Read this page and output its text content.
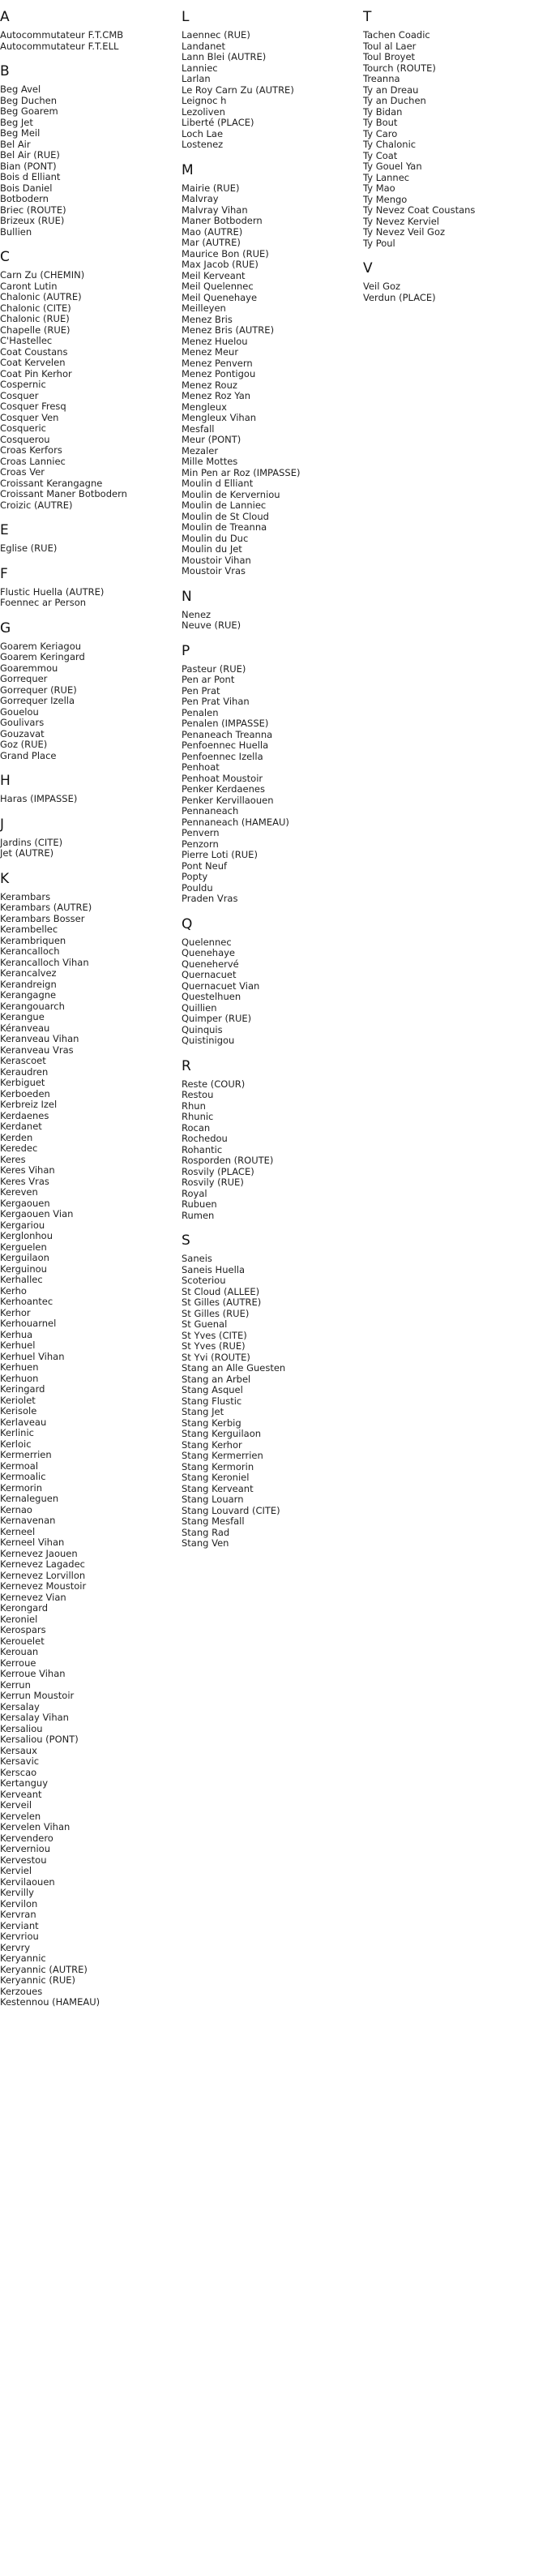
A
Autocommutateur F.T.CMB
Autocommutateur F.T.ELL
B
Beg Avel
Beg Duchen
Beg Goarem
Beg Jet
Beg Meil
Bel Air
Bel Air (RUE)
Bian (PONT)
Bois d Elliant
Bois Daniel
Botbodern
Briec (ROUTE)
Brizeux (RUE)
Bullien
C
Carn Zu (CHEMIN)
Caront Lutin
Chalonic (AUTRE)
Chalonic (CITE)
Chalonic (RUE)
Chapelle (RUE)
C'Hastellec
Coat Coustans
Coat Kervelen
Coat Pin Kerhor
Cospernic
Cosquer
Cosquer Fresq
Cosquer Ven
Cosqueric
Cosquerou
Croas Kerfors
Croas Lanniec
Croas Ver
Croissant Kerangagne
Croissant Maner Botbodern
Croizic (AUTRE)
E
Eglise (RUE)
F
Flustic Huella (AUTRE)
Foennec ar Person
G
Goarem Keriagou
Goarem Keringard
Goaremmou
Gorrequer
Gorrequer (RUE)
Gorrequer Izella
Gouelou
Goulivars
Gouzavat
Goz (RUE)
Grand Place
H
Haras (IMPASSE)
J
Jardins (CITE)
Jet (AUTRE)
K
Kerambars
Kerambars (AUTRE)
Kerambars Bosser
Kerambellec
Kerambriquen
Kerancalloch
Kerancalloch Vihan
Kerancalvez
Kerandreign
Kerangagne
Kerangouarch
Kerangue
Kéranveau
Keranveau Vihan
Keranveau Vras
Kerascoet
Keraudren
Kerbiguet
Kerboeden
Kerbreiz Izel
Kerdaenes
Kerdanet
Kerden
Keredec
Keres
Keres Vihan
Keres Vras
Kereven
Kergaouen
Kergaouen Vian
Kergariou
Kerglonhou
Kerguelen
Kerguilaon
Kerguinou
Kerhallec
Kerho
Kerhoantec
Kerhor
Kerhouarnel
Kerhua
Kerhuel
Kerhuel Vihan
Kerhuen
Kerhuon
Keringard
Keriolet
Kerisole
Kerlaveau
Kerlinic
Kerloic
Kermerrien
Kermoal
Kermoalic
Kermorin
Kernaleguen
Kernao
Kernavenan
Kerneel
Kerneel Vihan
Kernevez Jaouen
Kernevez Lagadec
Kernevez Lorvillon
Kernevez Moustoir
Kernevez Vian
Kerongard
Keroniel
Kerospars
Kerouelet
Kerouan
Kerroue
Kerroue Vihan
Kerrun
Kerrun Moustoir
Kersalay
Kersalay Vihan
Kersaliou
Kersaliou (PONT)
Kersaux
Kersavic
Kerscao
Kertanguy
Kerveant
Kerveil
Kervelen
Kervelen Vihan
Kervendero
Kerverniou
Kervestou
Kerviel
Kervilaouen
Kervilly
Kervilon
Kervran
Kerviant
Kervriou
Kervry
Keryannic
Keryannic (AUTRE)
Keryannic (RUE)
Kerzoues
Kestennou (HAMEAU)
L
Laennec (RUE)
Landanet
Lann Blei (AUTRE)
Lanniec
Larlan
Le Roy Carn Zu (AUTRE)
Leignoc h
Lezoliven
Liberté (PLACE)
Loch Lae
Lostenez
M
Mairie (RUE)
Malvray
Malvray Vihan
Maner Botbodern
Mao (AUTRE)
Mar (AUTRE)
Maurice Bon (RUE)
Max Jacob (RUE)
Meil Kerveant
Meil Quelennec
Meil Quenehaye
Meilleyen
Menez Bris
Menez Bris (AUTRE)
Menez Huelou
Menez Meur
Menez Penvern
Menez Pontigou
Menez Rouz
Menez Roz Yan
Mengleux
Mengleux Vihan
Mesfall
Meur (PONT)
Mezaler
Mille Mottes
Min Pen ar Roz (IMPASSE)
Moulin d Elliant
Moulin de Kerverniou
Moulin de Lanniec
Moulin de St Cloud
Moulin de Treanna
Moulin du Duc
Moulin du Jet
Moustoir Vihan
Moustoir Vras
N
Nenez
Neuve (RUE)
P
Pasteur (RUE)
Pen ar Pont
Pen Prat
Pen Prat Vihan
Penalen
Penalen (IMPASSE)
Penaneach Treanna
Penfoennec Huella
Penfoennec Izella
Penhoat
Penhoat Moustoir
Penker Kerdaenes
Penker Kervillaouen
Pennaneach
Pennaneach (HAMEAU)
Penvern
Penzorn
Pierre Loti (RUE)
Pont Neuf
Popty
Pouldu
Praden Vras
Q
Quelennec
Quenehaye
Quenehervé
Quernacuet
Quernacuet Vian
Questelhuen
Quillien
Quimper (RUE)
Quinquis
Quistinigou
R
Reste (COUR)
Restou
Rhun
Rhunic
Rocan
Rochedou
Rohantic
Rosporden (ROUTE)
Rosvily (PLACE)
Rosvily (RUE)
Royal
Rubuen
Rumen
S
Saneis
Saneis Huella
Scoteriou
St Cloud (ALLEE)
St Gilles (AUTRE)
St Gilles (RUE)
St Guenal
St Yves (CITE)
St Yves (RUE)
St Yvi (ROUTE)
Stang an Alle Guesten
Stang an Arbel
Stang Asquel
Stang Flustic
Stang Jet
Stang Kerbig
Stang Kerguilaon
Stang Kerhor
Stang Kermerrien
Stang Kermorin
Stang Keroniel
Stang Kerveant
Stang Louarn
Stang Louvard (CITE)
Stang Mesfall
Stang Rad
Stang Ven
T
Tachen Coadic
Toul al Laer
Toul Broyet
Tourch (ROUTE)
Treanna
Ty an Dreau
Ty an Duchen
Ty Bidan
Ty Bout
Ty Caro
Ty Chalonic
Ty Coat
Ty Gouel Yan
Ty Lannec
Ty Mao
Ty Mengo
Ty Nevez Coat Coustans
Ty Nevez Kerviel
Ty Nevez Veil Goz
Ty Poul
V
Veil Goz
Verdun (PLACE)
